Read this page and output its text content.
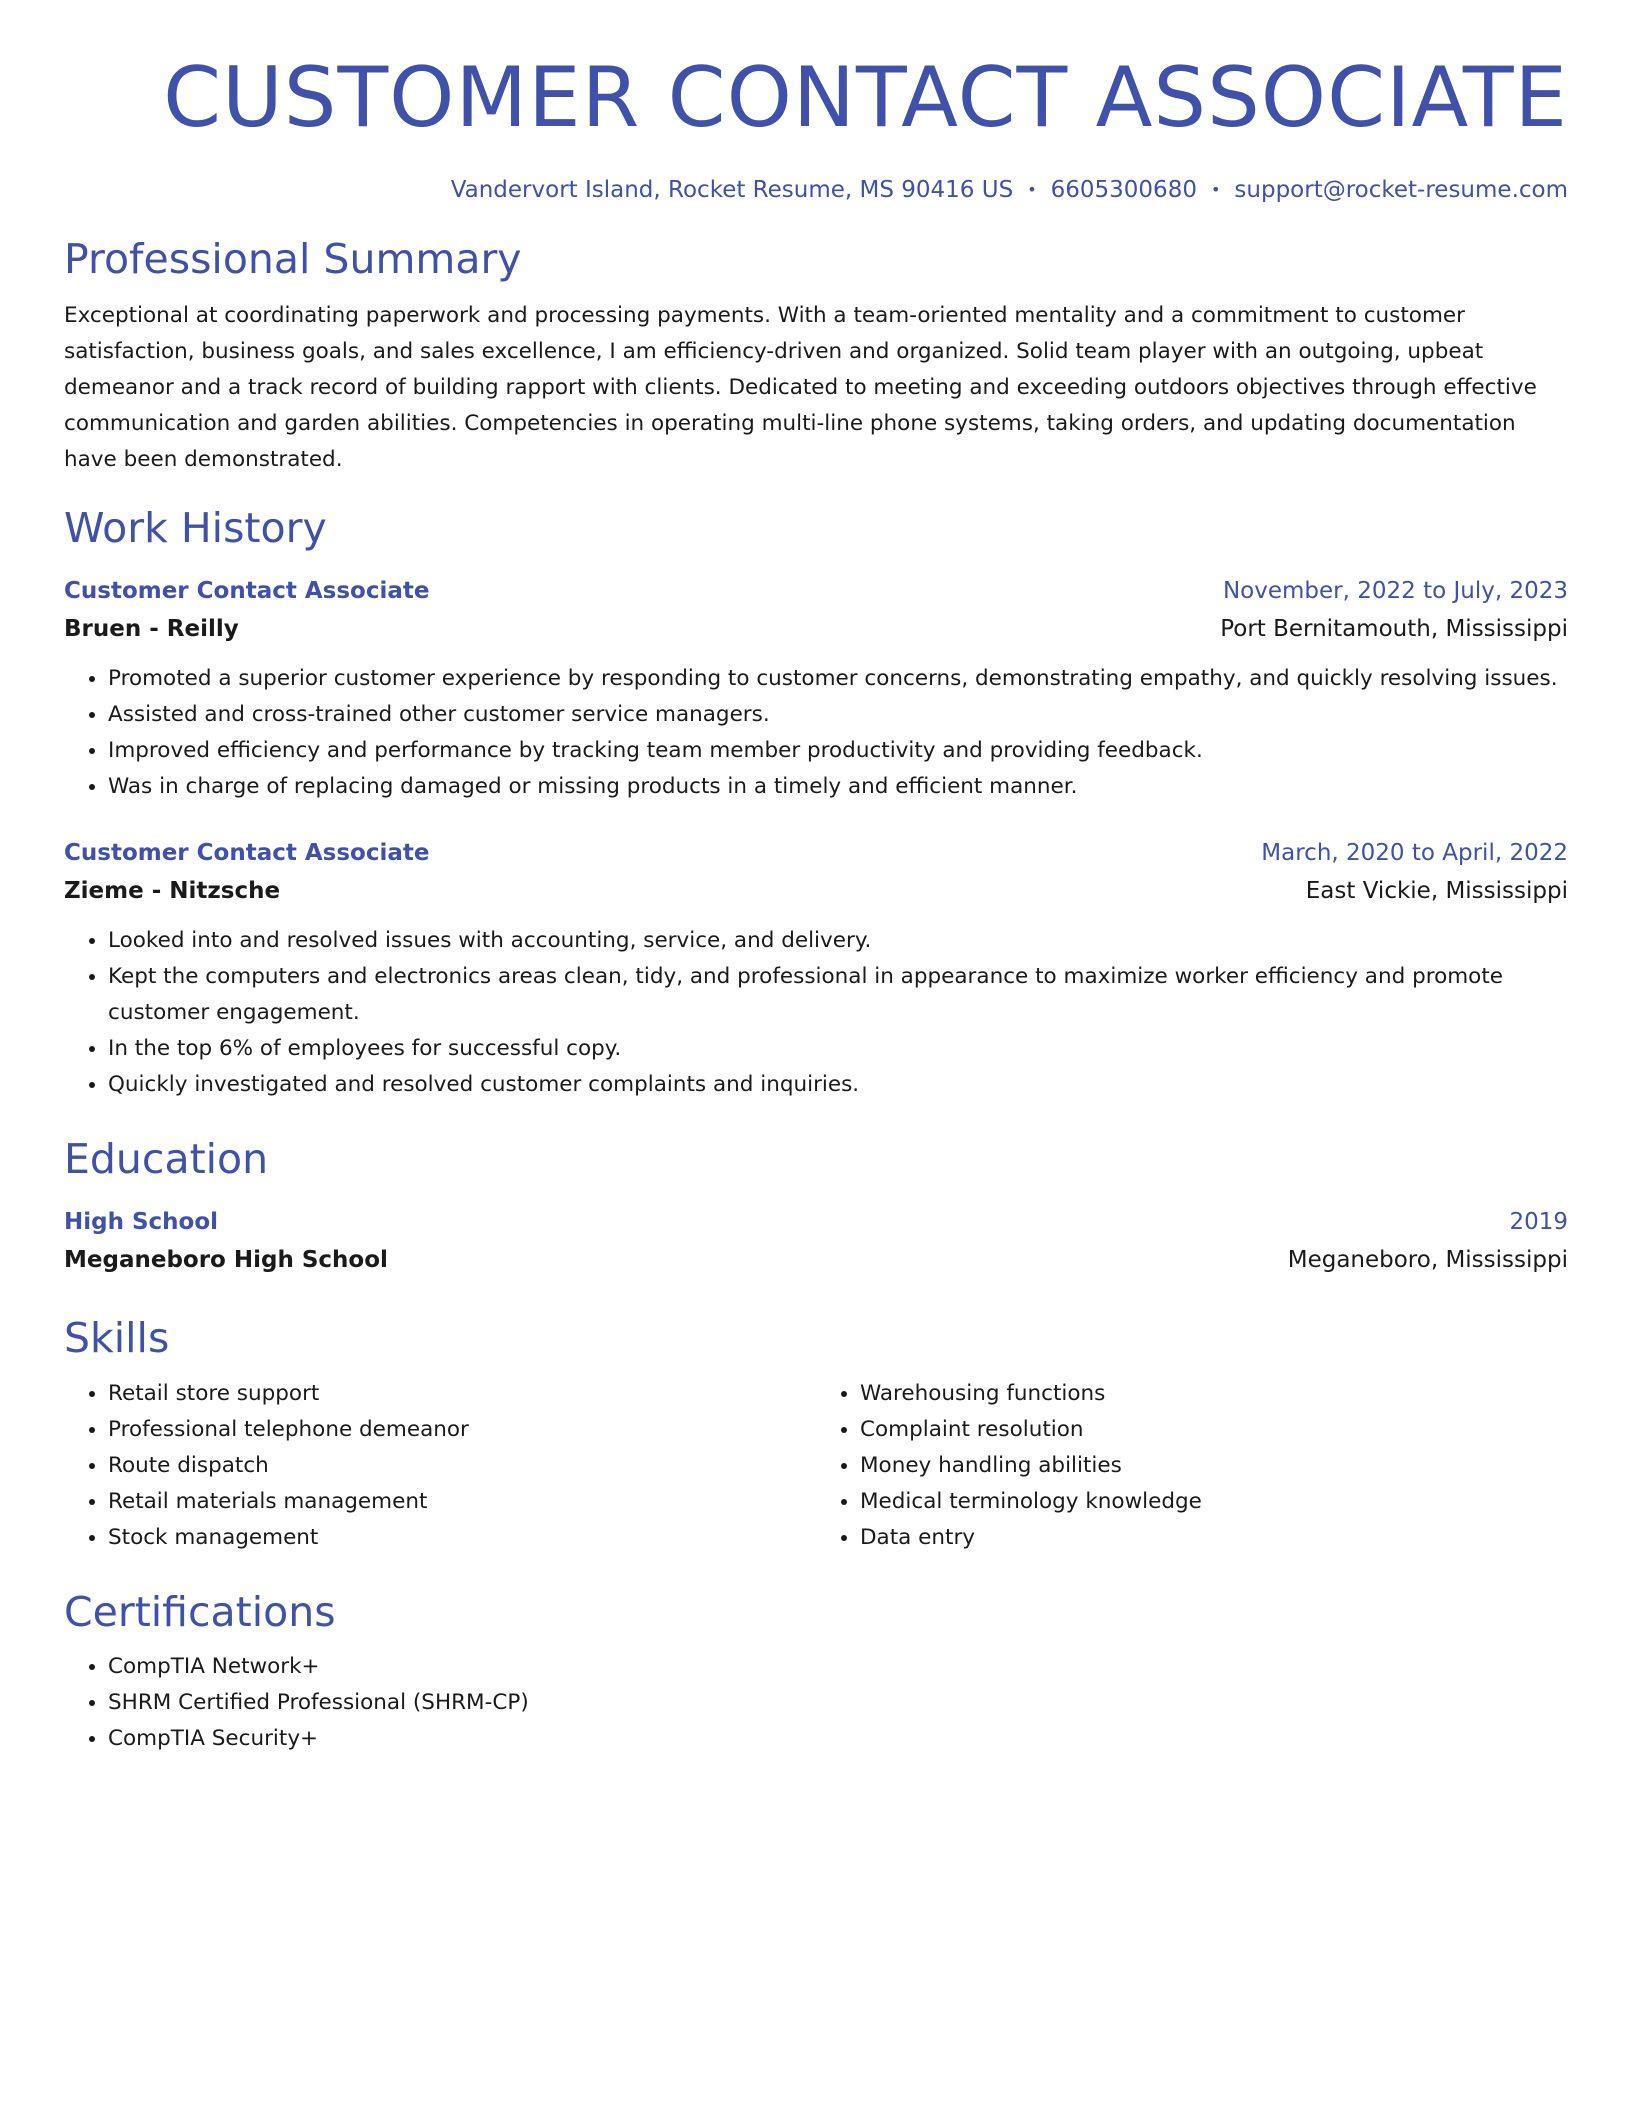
CUSTOMER CONTACT ASSOCIATE
Vandervort Island, Rocket Resume, MS 90416 US • 6605300680 • support@rocket-resume.com
Professional Summary
Exceptional at coordinating paperwork and processing payments. With a team-oriented mentality and a commitment to customer satisfaction, business goals, and sales excellence, I am efficiency-driven and organized. Solid team player with an outgoing, upbeat demeanor and a track record of building rapport with clients. Dedicated to meeting and exceeding outdoors objectives through effective communication and garden abilities. Competencies in operating multi-line phone systems, taking orders, and updating documentation have been demonstrated.
Work History
Customer Contact Associate	November, 2022 to July, 2023
Bruen - Reilly	Port Bernitamouth, Mississippi
• Promoted a superior customer experience by responding to customer concerns, demonstrating empathy, and quickly resolving issues.
• Assisted and cross-trained other customer service managers.
• Improved efficiency and performance by tracking team member productivity and providing feedback.
• Was in charge of replacing damaged or missing products in a timely and efficient manner.
Customer Contact Associate	March, 2020 to April, 2022
Zieme - Nitzsche	East Vickie, Mississippi
• Looked into and resolved issues with accounting, service, and delivery.
• Kept the computers and electronics areas clean, tidy, and professional in appearance to maximize worker efficiency and promote customer engagement.
• In the top 6% of employees for successful copy.
• Quickly investigated and resolved customer complaints and inquiries.
Education
High School	2019
Meganeboro High School	Meganeboro, Mississippi
Skills
• Retail store support
• Professional telephone demeanor
• Route dispatch
• Retail materials management
• Stock management
• Warehousing functions
• Complaint resolution
• Money handling abilities
• Medical terminology knowledge
• Data entry
Certifications
• CompTIA Network+
• SHRM Certified Professional (SHRM-CP)
• CompTIA Security+
